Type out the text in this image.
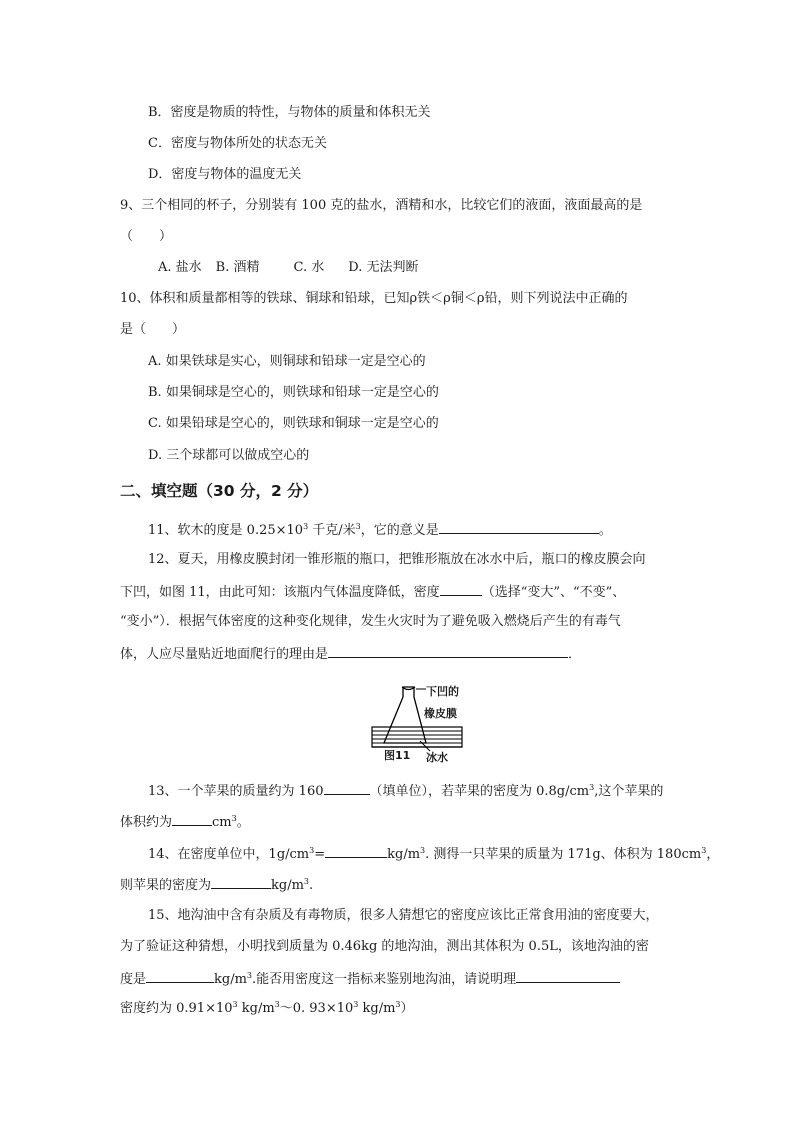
B．密度是物质的特性，与物体的质量和体积无关
C．密度与物体所处的状态无关
D．密度与物体的温度无关
9、三个相同的杯子，分别装有 100 克的盐水，酒精和水，比较它们的液面，液面最高的是
（　　）
A. 盐水 B. 酒精	C. 水 D. 无法判断
10、体积和质量都相等的铁球、铜球和铅球，已知ρ铁＜ρ铜＜ρ铅，则下列说法中正确的
是（　　）
A. 如果铁球是实心，则铜球和铅球一定是空心的
B. 如果铜球是空心的，则铁球和铅球一定是空心的
C. 如果铅球是空心的，则铁球和铜球一定是空心的
D. 三个球都可以做成空心的
二、填空题（30 分，2 分）
11、软木的度是 $0.25\times 10^3$ 千克/米$^3$，它的意义是	。
12、夏天，用橡皮膜封闭一锥形瓶的瓶口，把锥形瓶放在冰水中后，瓶口的橡皮膜会向
下凹，如图 11，由此可知：该瓶内气体温度降低，密度	（选择“变大”、“不变”、
“变小”）．根据气体密度的这种变化规律，发生火灾时为了避免吸入燃烧后产生的有毒气
体，人应尽量贴近地面爬行的理由是	．
下凹的
橡皮膜
图11 冰水
13、一个苹果的质量约为 160	（填单位），若苹果的密度为 $0.8g/cm^3$,这个苹果的
体积约为	$cm^3$。
14、在密度单位中，$1g/cm^3=$	$kg/m^3$. 测得一只苹果的质量为 171g、体积为 $180cm^3$，
则苹果的密度为	$kg/m^3$.
15、地沟油中含有杂质及有毒物质，很多人猜想它的密度应该比正常食用油的密度要大，
为了验证这种猜想，小明找到质量为 0.46kg 的地沟油，测出其体积为 0.5L，该地沟油的密
度是	$kg/m^3$.能否用密度这一指标来鉴别地沟油，请说明理
密度约为 $0.91\times 10^3$ $kg/m^3\sim 0$. $93\times 10^3$ $kg/m^3$）
